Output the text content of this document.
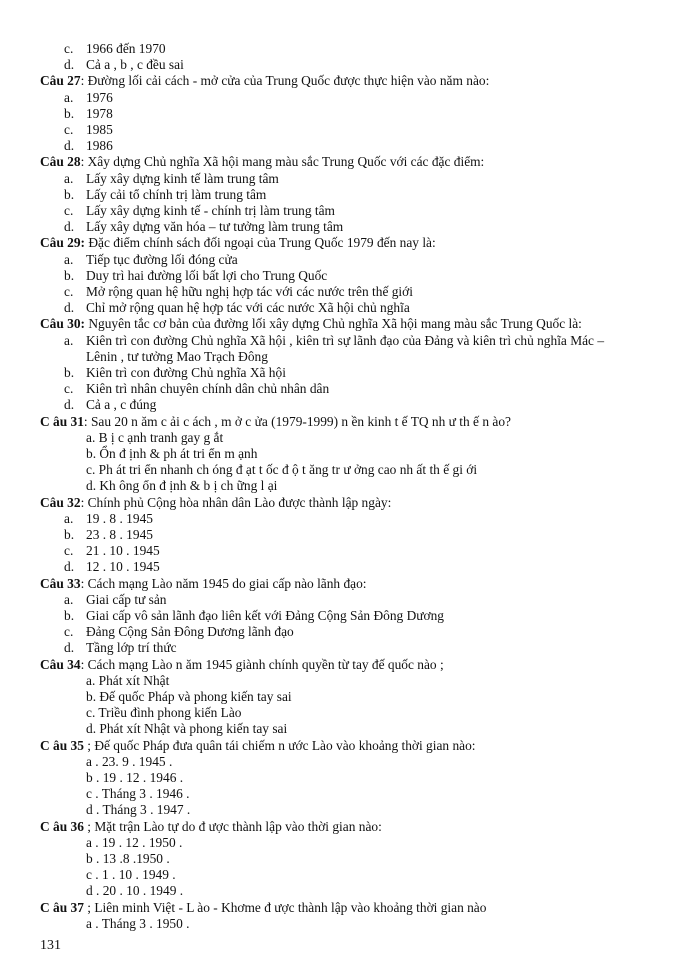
c. 1966 đến 1970
d. Cả a , b , c đều sai
Câu 27: Đường lối cải cách - mở cửa của Trung Quốc được thực hiện vào năm nào:
a. 1976
b. 1978
c. 1985
d. 1986
Câu 28: Xây dựng Chủ nghĩa Xã hội mang màu sắc Trung Quốc với các đặc điểm:
a. Lấy xây dựng kinh tế làm trung tâm
b. Lấy cải tổ chính trị làm trung tâm
c. Lấy xây dựng kinh tế - chính trị làm trung tâm
d. Lấy xây dựng văn hóa – tư tưởng làm trung tâm
Câu 29: Đặc điểm chính sách đối ngoại của Trung Quốc 1979 đến nay là:
a. Tiếp tục đường lối đóng cửa
b. Duy trì hai đường lối bất lợi cho Trung Quốc
c. Mở rộng quan hệ hữu nghị hợp tác với các nước trên thế giới
d. Chỉ mở rộng quan hệ hợp tác với các nước Xã hội chủ nghĩa
Câu 30: Nguyên tắc cơ bản của đường lối xây dựng Chủ nghĩa Xã hội mang màu sắc Trung Quốc là:
a. Kiên trì con đường Chủ nghĩa Xã hội , kiên trì sự lãnh đạo của Đảng và kiên trì chủ nghĩa Mác –
Lênin , tư tưởng Mao Trạch Đông
b. Kiên trì con đường Chủ nghĩa Xã hội
c. Kiên trì nhân chuyên chính dân chủ nhân dân
d. Cả a , c đúng
C âu 31: Sau 20 n ăm c ải c ách , m ở c ửa (1979-1999) n ền kinh t ế TQ nh ư th ế n ào?
a. B ị c ạnh tranh gay g ắt
b. Ổn đ ịnh & ph át tri ển m ạnh
c. Ph át tri ển nhanh ch óng đ ạt t ốc đ ộ t ăng tr ư ởng cao nh ất th ế gi ới
d. Kh ông ổn đ ịnh & b ị ch ững l ại
Câu 32: Chính phủ Cộng hòa nhân dân Lào được thành lập ngày:
a. 19 . 8 . 1945
b. 23 . 8 . 1945
c. 21 . 10 . 1945
d. 12 . 10 . 1945
Câu 33: Cách mạng Lào năm 1945 do giai cấp nào lãnh đạo:
a. Giai cấp tư sản
b. Giai cấp vô sản lãnh đạo liên kết với Đảng Cộng Sản Đông Dương
c. Đảng Cộng Sản Đông Dương lãnh đạo
d. Tầng lớp trí thức
Câu 34: Cách mạng Lào n ăm 1945 giành chính quyền từ tay đế quốc nào ;
a. Phát xít Nhật
b. Đế quốc Pháp và phong kiến tay sai
c. Triều đình phong kiến Lào
d. Phát xít Nhật và phong kiến tay sai
C âu 35 ; Đế quốc Pháp đưa quân tái chiếm n ước Lào vào khoảng thời gian nào:
a . 23. 9 . 1945 .
b . 19 . 12 . 1946 .
c . Tháng 3 . 1946 .
d . Tháng 3 . 1947 .
C âu 36 ; Mặt trận Lào tự do đ ược thành lập vào thời gian nào:
a . 19 . 12 . 1950 .
b . 13 .8 .1950 .
c . 1 . 10 . 1949 .
d . 20 . 10 . 1949 .
C âu 37 ; Liên minh Việt - L ào - Khơme đ ược thành lập vào khoảng thời gian nào
a . Tháng 3 . 1950 .
131
